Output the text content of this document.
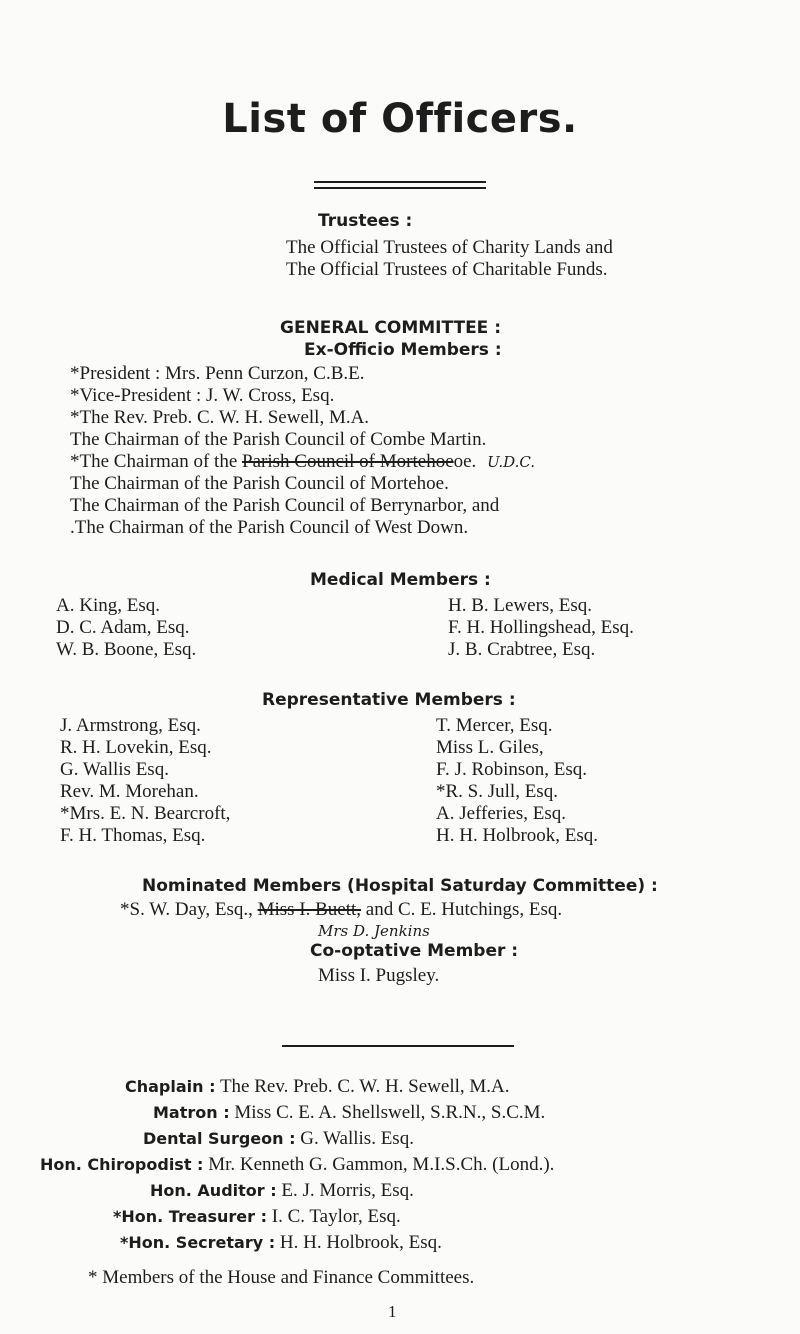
List of Officers.
Trustees :
The Official Trustees of Charity Lands and
The Official Trustees of Charitable Funds.
GENERAL COMMITTEE :
Ex-Officio Members :
*President : Mrs. Penn Curzon, C.B.E.
*Vice-President : J. W. Cross, Esq.
*The Rev. Preb. C. W. H. Sewell, M.A.
The Chairman of the Parish Council of Combe Martin.
*The Chairman of the Parish Council of Mortehoeoe. U.D.C.
The Chairman of the Parish Council of Mortehoe.
The Chairman of the Parish Council of Berrynarbor, and
.The Chairman of the Parish Council of West Down.
Medical Members :
A. King, Esq.
D. C. Adam, Esq.
W. B. Boone, Esq.
H. B. Lewers, Esq.
F. H. Hollingshead, Esq.
J. B. Crabtree, Esq.
Representative Members :
J. Armstrong, Esq.
R. H. Lovekin, Esq.
G. Wallis Esq.
Rev. M. Morehan.
*Mrs. E. N. Bearcroft,
F. H. Thomas, Esq.
T. Mercer, Esq.
Miss L. Giles,
F. J. Robinson, Esq.
*R. S. Jull, Esq.
A. Jefferies, Esq.
H. H. Holbrook, Esq.
Nominated Members (Hospital Saturday Committee) :
*S. W. Day, Esq., Miss I. Buett, and C. E. Hutchings, Esq.
Mrs D. Jenkins
Co-optative Member :
Miss I. Pugsley.
Chaplain : The Rev. Preb. C. W. H. Sewell, M.A.
Matron : Miss C. E. A. Shellswell, S.R.N., S.C.M.
Dental Surgeon : G. Wallis. Esq.
Hon. Chiropodist : Mr. Kenneth G. Gammon, M.I.S.Ch. (Lond.).
Hon. Auditor : E. J. Morris, Esq.
*Hon. Treasurer : I. C. Taylor, Esq.
*Hon. Secretary : H. H. Holbrook, Esq.
* Members of the House and Finance Committees.
1
